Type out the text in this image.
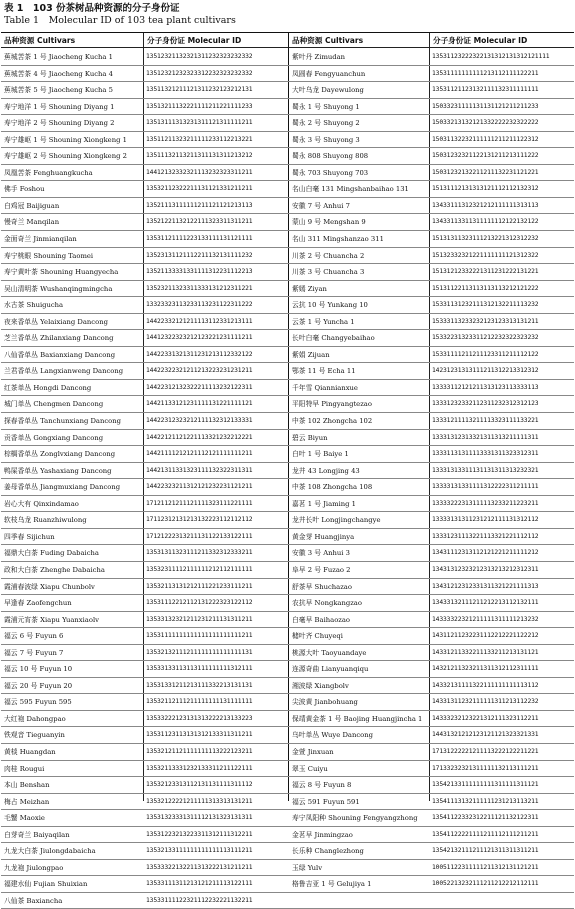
表 1　103 份茶树品种资源的分子身份证
Table 1　Molecular ID of 103 tea plant cultivars
品种资源 Cultivars	分子身份证 Molecular ID	品种资源 Cultivars	分子身份证 Molecular ID
蕉城苦茶 1 号 Jiaocheng Kucha 1	13512321132321311232323232332	紫叶丹 Zimudan	13531123222322131312131312121111
蕉城苦茶 4 号 Jiaocheng Kucha 4	13512321232323312232323232332	凤圆春 Fengyuanchun	13531111111111213112111122211
蕉城苦茶 5 号 Jiaocheng Kucha 5	13511321211121311232123212131	大叶乌龙 Dayewulong	13531121123132111132311111111
寿宁地洋 1 号 Shouning Diyang 1	13513211132221111211221111233	蜀永 1 号 Shuyong 1	15033231111131131121211211233
寿宁地洋 2 号 Shouning Diyang 2	13513111313231311121311111211	蜀永 2 号 Shuyong 2	15033213132121332222232322222
寿宁雄岖 1 号 Shouning Xiongkeng 1	13511211323211111233112213221	蜀永 3 号 Shuyong 3	15031132232111111211211122312
寿宁雄岖 2 号 Shouning Xiongkeng 2	13511132113211311131311213212	蜀永 808 Shuyong 808	15031232321122131211213111222
凤凰苦茶 Fenghuangkucha	14412132332321113232323311211	蜀永 703 Shuyong 703	15031232132211211132231121221
佛手 Foshou	13532112322211131121331211211	名山白毫 131 Mingshanbaihao 131	15131112131313121112112132312
白鸡冠 Baijiguan	13521113111111211121121213113	安徽 7 号 Anhui 7	13433111312321212111111313113
慢奇兰 Manqilan	13521221132122111323311311211	蒙山 9 号 Mengshan 9	13433113311311111112122132122
金面奇兰 Jinmianqilan	13531121111223133111131121111	名山 311 Mingshanzao 311	15131311323111213221312312232
寿宁桃眼 Shouning Taomei	13523131121112211132131111232	川茶 2 号 Chuancha 2	15132332321221111111121312322
寿宁黄叶茶 Shouning Huangyecha	13521133331331111312231112213	川茶 3 号 Chuancha 3	15131212332221311231222131221
吴山清明茶 Wushanqingmingcha	13523211323311333131212311221	紫嫣 Ziyan	15131122113113113113212121222
水古茶 Shuigucha	13323323113233113231122311222	云抗 10 号 Yunkang 10	15331131232111312132211113232
夜来香单丛 Yelaixiang Dancong	14422332121211113112331213111	云茶 1 号 Yuncha 1	15333113233232123123313131211
芝兰香单丛 Zhilanxiang Dancong	14412322323212123221231111211	长叶白毫 Changyebaihao	15332231323311212232322323232
八仙香单丛 Baxianxiang Dancong	14422331321311231213112332122	紫娟 Zijuan	15331111211211123311211112122
兰君香单丛 Langxianweng Dancong	14422322321211213223231231211	鄂茶 11 号 Echa 11	14231231313111211312213312312
红茶单丛 Hongdi Dancong	14422312132322211113232122311	千年雪 Qiannianxue	13333112121211313123113333113
城门单丛 Chengmen Dancong	14421133121231111131221111121	平阳特早 Pingyangtezao	13331232332112311232312312123
探春香单丛 Tanchunxiang Dancong	14422312323212111132312133331	中茶 102 Zhongcha 102	13331211113211113323111133221
贡香单丛 Gongxiang Dancong	14422121121221113321232212221	碧云 Biyun	13331312313321311313211111311
棕榈香单丛 Zonglvxiang Dancong	14421111212121112121111111211	白叶 1 号 Baiye 1	13331131311113331311323312311
鸭屎香单丛 Yashaxiang Dancong	14421311331323111132322311311	龙井 43 Longjing 43	13331313311131131311313232321
姜母香单丛 Jiangmuxiang Dancong	14422323211312121232231121211	中茶 108 Zhongcha 108	13333131331111312222311211111
岩心大有 Qinxindamao	17121121211121111323111221111	嘉茗 1 号 Jiaming 1	13333222313111113233211223211
软枝乌龙 Ruanzhiwulong	17112312131213132223112112112	龙井长叶 Longjingchangye	13333131311231212111131312112
四季春 Sijichun	17121222313211131122133122111	黄金芽 Huangjinya	13331231113221113321221112112
福鼎大白茶 Fuding Dabaicha	13531311323111211332312333211	安徽 3 号 Anhui 3	13431112313112121221211111212
政和大白茶 Zhenghe Dabaicha	13532311112111111212112111111	阜早 2 号 Fuzao 2	13431312323212313213212312311
霞浦春波绿 Xiapu Chunbolv	13532113131212111221233111211	舒茶早 Shuchazao	13431212312331311321221111313
早逢春 Zaofengchun	13531112212112131222323122112	农抗早 Nongkangzao	13433132111211212213112132111
霞浦元宵茶 Xiapu Yuanxiaolv	13533132321211231211131311211	白毫早 Baihaozao	14333322321211111311111213232
福云 6 号 Fuyun 6	13531111111111111111111111211	槠叶齐 Chuyeqi	14311211232231112212221122212
福云 7 号 Fuyun 7	13532132111211111111111111131	桃源大叶 Taoyuandaye	14331211332211133211213131121
福云 10 号 Fuyun 10	13533133113113111111111312111	连源奇曲 Lianyuanqiqu	14321211323211311312112311111
福云 20 号 Fuyun 20	13531331211213111332213131131	湘波绿 Xiangbolv	14332131111322111111111113112
福云 595 Fuyun 595	13532112111211111111131111111	尖波黄 Jianbohuang	14331311232111111311213112232
大红袍 Dahongpao	13533222123131313222213133223	保靖黄金茶 1 号 Baojing Huangjincha 1	14333232123221312111323112211
铁观音 Tieguanyin	13531123113131312133311311211	乌叶单丛 Wuye Dancong	14431321212123121121323321331
黄棪 Huangdan	13532121121111111113222123211	金萱 Jinxuan	17131222221211113222122211221
肉桂 Rougui	13532113331232133311211122111	翠玉 Cuiyu	17133232321311111132113111211
本山 Benshan	13532123313112131131111311112	福云 8 号 Fuyun 8	13542133111111111311111311121
梅占 Meizhan	13532122221211111313313131211	福云 591 Fuyun 591	13541113132111111231213113211
毛蟹 Maoxie	13531323331311112131323131311	寿宁凤阳种 Shouning Fengyangzhong	13541122332312211121132122311
白芽奇兰 Baiyaqilan	13531223213223311312111312211	金茗早 Jinmingzao	13541122221111211112111211211
九龙大白茶 Jiulongdabaicha	13532133111111111111113111211	长乐种 Changlezhong	13542132111211121311311311211
九龙袍 Jiulongpao	13533322132211313222131211211	玉绿 Yulv	10051122311111211312131121211
福建水仙 Fujian Shuixian	13533111311213121211113122111	格鲁吉亚 1 号 Gelujiya 1	10052213232111211212212112111
八仙茶 Baxiancha	13533111122321112232221132211
